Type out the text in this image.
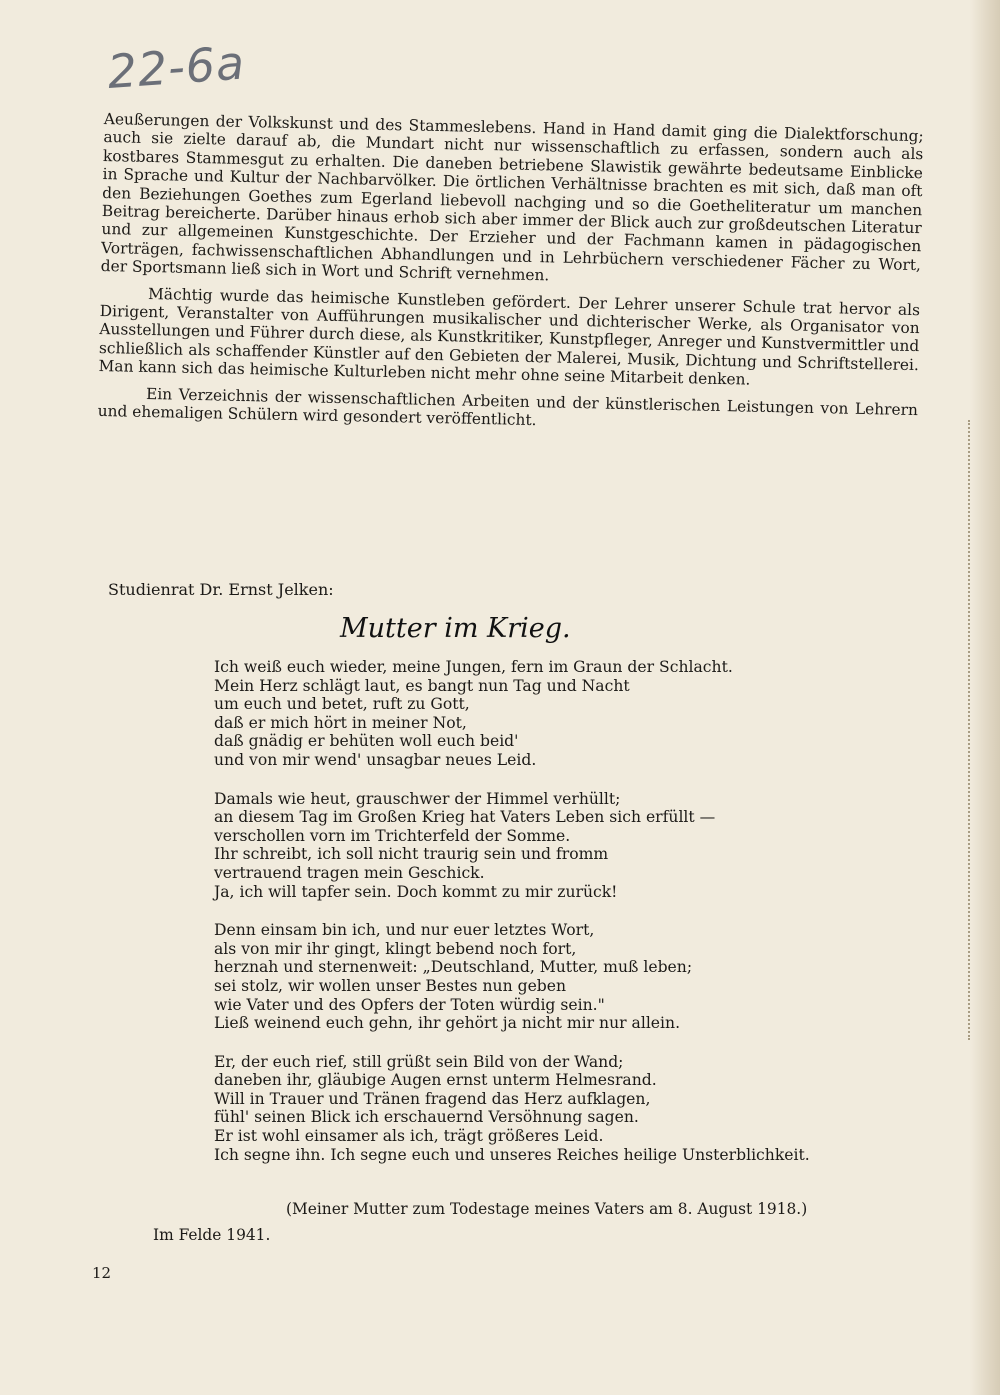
22-6a

Aeußerungen der Volkskunst und des Stammeslebens. Hand in Hand damit ging die Dialektforschung; auch sie zielte darauf ab, die Mundart nicht nur wissenschaftlich zu erfassen, sondern auch als kostbares Stammesgut zu erhalten. Die daneben betriebene Slawistik gewährte bedeutsame Einblicke in Sprache und Kultur der Nachbarvölker. Die örtlichen Verhältnisse brachten es mit sich, daß man oft den Beziehungen Goethes zum Egerland liebevoll nachging und so die Goetheliteratur um manchen Beitrag bereicherte. Darüber hinaus erhob sich aber immer der Blick auch zur großdeutschen Literatur und zur allgemeinen Kunstgeschichte. Der Erzieher und der Fachmann kamen in pädagogischen Vorträgen, fachwissenschaftlichen Abhandlungen und in Lehrbüchern verschiedener Fächer zu Wort, der Sportsmann ließ sich in Wort und Schrift vernehmen.

Mächtig wurde das heimische Kunstleben gefördert. Der Lehrer unserer Schule trat hervor als Dirigent, Veranstalter von Aufführungen musikalischer und dichterischer Werke, als Organisator von Ausstellungen und Führer durch diese, als Kunstkritiker, Kunstpfleger, Anreger und Kunstvermittler und schließlich als schaffender Künstler auf den Gebieten der Malerei, Musik, Dichtung und Schriftstellerei. Man kann sich das heimische Kulturleben nicht mehr ohne seine Mitarbeit denken.

Ein Verzeichnis der wissenschaftlichen Arbeiten und der künstlerischen Leistungen von Lehrern und ehemaligen Schülern wird gesondert veröffentlicht.

Studienrat Dr. Ernst Jelken:
Mutter im Krieg.
Ich weiß euch wieder, meine Jungen, fern im Graun der Schlacht.
Mein Herz schlägt laut, es bangt nun Tag und Nacht
um euch und betet, ruft zu Gott,
daß er mich hört in meiner Not,
daß gnädig er behüten woll euch beid'
und von mir wend' unsagbar neues Leid.
Damals wie heut, grauschwer der Himmel verhüllt;
an diesem Tag im Großen Krieg hat Vaters Leben sich erfüllt —
verschollen vorn im Trichterfeld der Somme.
Ihr schreibt, ich soll nicht traurig sein und fromm
vertrauend tragen mein Geschick.
Ja, ich will tapfer sein. Doch kommt zu mir zurück!
Denn einsam bin ich, und nur euer letztes Wort,
als von mir ihr gingt, klingt bebend noch fort,
herznah und sternenweit: „Deutschland, Mutter, muß leben;
sei stolz, wir wollen unser Bestes nun geben
wie Vater und des Opfers der Toten würdig sein."
Ließ weinend euch gehn, ihr gehört ja nicht mir nur allein.
Er, der euch rief, still grüßt sein Bild von der Wand;
daneben ihr, gläubige Augen ernst unterm Helmesrand.
Will in Trauer und Tränen fragend das Herz aufklagen,
fühl' seinen Blick ich erschauernd Versöhnung sagen.
Er ist wohl einsamer als ich, trägt größeres Leid.
Ich segne ihn. Ich segne euch und unseres Reiches heilige Unsterblichkeit.
(Meiner Mutter zum Todestage meines Vaters am 8. August 1918.)
Im Felde 1941.
12
